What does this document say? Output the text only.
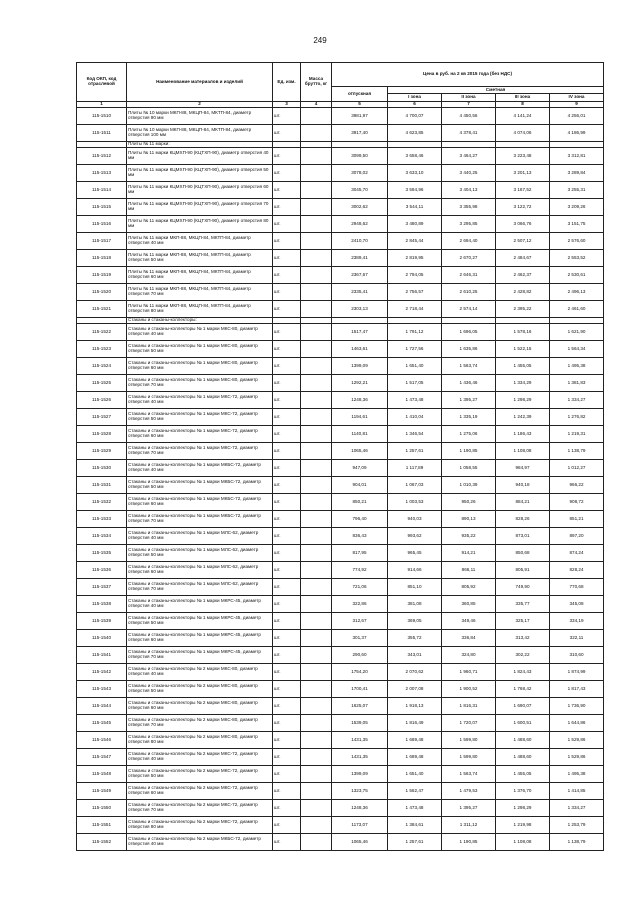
249
Код ОКП, код отраслевой	Наименование материалов и изделий	Ед. изм.	Масса брутто, кг	Цена в руб. на 2 кв 2015 года (без НДС)				
				отпускная	Сметная			
					I зона	II зона	III зона	IV зона
1	2	3	4	5	6	7	8	9
115-1510	Плиты № 10 марки МКП-88, МКЦП-84, МКТП-84, диаметр отверстия 90 мм	шт.		3981,97	4 700,07	4 450,56	4 141,24	4 256,01
115-1511	Плиты № 10 марки МКП-88, МКЦП-84, МКТП-84, диаметр отверстия 100 мм	шт.		3917,40	4 623,85	4 378,41	4 074,06	4 186,99
	Плиты № 11 марки:							
115-1512	Плиты № 11 марки КЦМХП-90 (КЦТХП-90), диаметр отверстия 40 мм	шт.		3099,50	3 658,46	3 464,27	3 223,48	3 312,81
115-1513	Плиты № 11 марки КЦМХП-90 (КЦТХП-90), диаметр отверстия 50 мм	шт.		3078,02	3 633,10	3 440,25	3 201,13	3 289,84
115-1514	Плиты № 11 марки КЦМХП-90 (КЦТХП-90), диаметр отверстия 60 мм	шт.		3045,70	3 594,96	3 404,13	3 167,52	3 255,31
115-1515	Плиты № 11 марки КЦМХП-90 (КЦТХП-90), диаметр отверстия 70 мм	шт.		3002,62	3 544,11	3 355,98	3 122,72	3 209,26
115-1516	Плиты № 11 марки КЦМХП-90 (КЦТХП-90), диаметр отверстия 80 мм	шт.		2948,62	3 480,89	3 295,85	3 066,76	3 151,75
115-1517	Плиты № 11 марки МКП-88, МКЦП-84, МКТП-84, диаметр отверстия 40 мм	шт.		2410,70	2 845,44	2 694,40	2 507,12	2 576,60
115-1518	Плиты № 11 марки МКП-88, МКЦП-84, МКТП-84, диаметр отверстия 50 мм	шт.		2389,41	2 819,95	2 670,27	2 484,67	2 553,52
115-1519	Плиты № 11 марки МКП-88, МКЦП-84, МКТП-84, диаметр отверстия 60 мм	шт.		2367,67	2 794,05	2 646,31	2 462,37	2 530,61
115-1520	Плиты № 11 марки МКП-88, МКЦП-84, МКТП-84, диаметр отверстия 70 мм	шт.		2335,41	2 756,57	2 610,25	2 428,82	2 496,13
115-1521	Плиты № 11 марки МКП-88, МКЦП-84, МКТП-84, диаметр отверстия 80 мм	шт.		2303,13	2 718,44	2 574,14	2 395,22	2 461,60
	Стаканы и стаканы-коллекторы:							
115-1522	Стаканы и стаканы-коллекторы № 1 марки МКС-80, диаметр отверстия 40 мм	шт.		1517,47	1 791,12	1 696,05	1 578,16	1 621,90
115-1523	Стаканы и стаканы-коллекторы № 1 марки МКС-80, диаметр отверстия 50 мм	шт.		1463,61	1 727,56	1 635,86	1 522,15	1 564,34
115-1524	Стаканы и стаканы-коллекторы № 1 марки МКС-80, диаметр отверстия 60 мм	шт.		1399,09	1 651,40	1 563,74	1 455,05	1 495,38
115-1525	Стаканы и стаканы-коллекторы № 1 марки МКС-80, диаметр отверстия 70 мм	шт.		1292,21	1 517,05	1 436,46	1 334,29	1 381,83
115-1526	Стаканы и стаканы-коллекторы № 1 марки МКС-72, диаметр отверстия 40 мм	шт.		1248,36	1 473,48	1 395,27	1 298,29	1 334,27
115-1527	Стаканы и стаканы-коллекторы № 1 марки МКС-72, диаметр отверстия 50 мм	шт.		1194,61	1 410,04	1 335,19	1 242,39	1 276,82
115-1528	Стаканы и стаканы-коллекторы № 1 марки МКС-72, диаметр отверстия 60 мм	шт.		1140,81	1 346,54	1 275,06	1 186,43	1 219,31
115-1529	Стаканы и стаканы-коллекторы № 1 марки МКС-72, диаметр отверстия 70 мм	шт.		1065,46	1 257,61	1 190,85	1 108,08	1 138,79
115-1530	Стаканы и стаканы-коллекторы № 1 марки МКБС-72, диаметр отверстия 40 мм	шт.		947,09	1 117,89	1 058,55	984,97	1 012,27
115-1531	Стаканы и стаканы-коллекторы № 1 марки МКБС-72, диаметр отверстия 50 мм	шт.		904,01	1 067,03	1 010,39	940,18	966,22
115-1532	Стаканы и стаканы-коллекторы № 1 марки МКБС-72, диаметр отверстия 60 мм	шт.		850,21	1 003,53	950,26	884,21	908,72
115-1533	Стаканы и стаканы-коллекторы № 1 марки МКБС-72, диаметр отверстия 70 мм	шт.		796,40	940,03	890,13	828,26	851,21
115-1534	Стаканы и стаканы-коллекторы № 1 марки МЛС-62, диаметр отверстия 40 мм	шт.		836,43	993,62	935,22	873,01	897,20
115-1535	Стаканы и стаканы-коллекторы № 1 марки МЛС-62, диаметр отверстия 50 мм	шт.		817,95	965,45	914,21	850,68	874,24
115-1536	Стаканы и стаканы-коллекторы № 1 марки МЛС-62, диаметр отверстия 60 мм	шт.		774,92	914,66	866,11	805,91	828,24
115-1537	Стаканы и стаканы-коллекторы № 1 марки МЛС-62, диаметр отверстия 70 мм	шт.		721,06	851,10	805,92	749,90	770,68
115-1538	Стаканы и стаканы-коллекторы № 1 марки МКРС-45, диаметр отверстия 40 мм	шт.		322,86	381,08	360,85	335,77	345,08
115-1539	Стаканы и стаканы-коллекторы № 1 марки МКРС-45, диаметр отверстия 50 мм	шт.		312,67	369,05	349,46	325,17	334,19
115-1540	Стаканы и стаканы-коллекторы № 1 марки МКРС-45, диаметр отверстия 60 мм	шт.		301,37	355,72	336,84	313,42	322,11
115-1541	Стаканы и стаканы-коллекторы № 1 марки МКРС-45, диаметр отверстия 70 мм	шт.		290,60	343,01	324,80	302,22	310,60
115-1542	Стаканы и стаканы-коллекторы № 2 марки МКС-80, диаметр отверстия 40 мм	шт.		1754,20	2 070,62	1 960,71	1 824,43	1 874,99
115-1543	Стаканы и стаканы-коллекторы № 2 марки МКС-80, диаметр отверстия 50 мм	шт.		1700,41	2 007,08	1 900,52	1 768,42	1 817,43
115-1544	Стаканы и стаканы-коллекторы № 2 марки МКС-80, диаметр отверстия 60 мм	шт.		1625,07	1 918,13	1 816,31	1 690,07	1 736,90
115-1545	Стаканы и стаканы-коллекторы № 2 марки МКС-80, диаметр отверстия 70 мм	шт.		1539,05	1 816,49	1 720,07	1 600,51	1 644,86
115-1546	Стаканы и стаканы-коллекторы № 2 марки МКС-80, диаметр отверстия 80 мм	шт.		1431,35	1 689,48	1 599,80	1 488,60	1 529,86
115-1547	Стаканы и стаканы-коллекторы № 2 марки МКС-72, диаметр отверстия 40 мм	шт.		1431,35	1 689,48	1 599,80	1 488,60	1 529,86
115-1548	Стаканы и стаканы-коллекторы № 2 марки МКС-72, диаметр отверстия 50 мм	шт.		1399,09	1 651,40	1 563,74	1 455,05	1 495,38
115-1549	Стаканы и стаканы-коллекторы № 2 марки МКС-72, диаметр отверстия 60 мм	шт.		1323,75	1 562,47	1 479,53	1 376,70	1 414,85
115-1550	Стаканы и стаканы-коллекторы № 2 марки МКС-72, диаметр отверстия 70 мм	шт.		1248,36	1 473,48	1 395,27	1 298,29	1 334,27
115-1551	Стаканы и стаканы-коллекторы № 2 марки МКС-72, диаметр отверстия 80 мм	шт.		1173,07	1 384,61	1 311,12	1 219,98	1 253,79
115-1552	Стаканы и стаканы-коллекторы № 2 марки МКБС-72, диаметр отверстия 40 мм	шт.		1065,46	1 257,61	1 190,85	1 108,08	1 138,79
